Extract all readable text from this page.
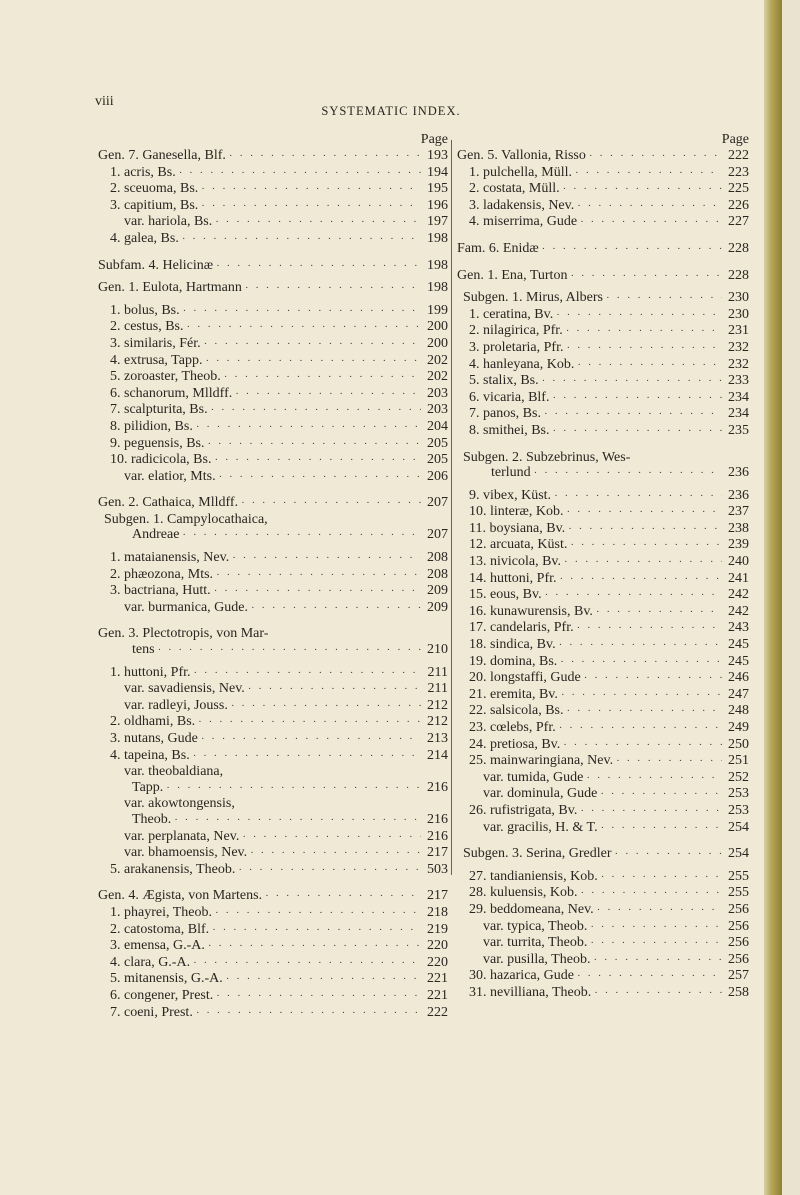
viii
SYSTEMATIC INDEX.
Page
Gen. 7. Ganesella, Blf. · · ·	193
1. acris, Bs. · · ·	194
2. sceuoma, Bs. · · ·	195
3. capitium, Bs. · · ·	196
var. hariola, Bs. · · ·	197
4. galea, Bs. · · ·	198
Subfam. 4. Helicinæ · · ·	198
Gen. 1. Eulota, Hartmann · · ·	198
1. bolus, Bs. · · ·	199
2. cestus, Bs. · · ·	200
3. similaris, Fér. · · ·	200
4. extrusa, Tapp. · · ·	202
5. zoroaster, Theob. · · ·	202
6. schanorum, Mlldff. · · ·	203
7. scalpturita, Bs. · · ·	203
8. pilidion, Bs. · · ·	204
9. peguensis, Bs. · · ·	205
10. radicicola, Bs. · · ·	205
var. elatior, Mts. · · ·	206
Gen. 2. Cathaica, Mlldff. · · ·	207
Subgen. 1. Campylocathaica,
Andreae · · ·	207
1. mataianensis, Nev. · · ·	208
2. phæozona, Mts. · · ·	208
3. bactriana, Hutt. · · ·	209
var. burmanica, Gude. · · ·	209
Gen. 3. Plectotropis, von Mar-
tens · · ·	210
1. huttoni, Pfr. · · ·	211
var. savadiensis, Nev. · · ·	211
var. radleyi, Jouss. · · ·	212
2. oldhami, Bs. · · ·	212
3. nutans, Gude · · ·	213
4. tapeina, Bs. · · ·	214
var. theobaldiana,
Tapp. · · ·	216
var. akowtongensis,
Theob. · · ·	216
var. perplanata, Nev. · · ·	216
var. bhamoensis, Nev. · · ·	217
5. arakanensis, Theob. · · ·	503
Gen. 4. Ægista, von Martens. · · ·	217
1. phayrei, Theob. · · ·	218
2. catostoma, Blf. · · ·	219
3. emensa, G.-A. · · ·	220
4. clara, G.-A. · · ·	220
5. mitanensis, G.-A. · · ·	221
6. congener, Prest. · · ·	221
7. coeni, Prest. · · ·	222
Page
Gen. 5. Vallonia, Risso · · ·	222
1. pulchella, Müll. · · ·	223
2. costata, Müll. · · ·	225
3. ladakensis, Nev. · · ·	226
4. miserrima, Gude · · ·	227
Fam. 6. Enidæ · · ·	228
Gen. 1. Ena, Turton · · ·	228
Subgen. 1. Mirus, Albers · · ·	230
1. ceratina, Bv. · · ·	230
2. nilagirica, Pfr. · · ·	231
3. proletaria, Pfr. · · ·	232
4. hanleyana, Kob. · · ·	232
5. stalix, Bs. · · ·	233
6. vicaria, Blf. · · ·	234
7. panos, Bs. · · ·	234
8. smithei, Bs. · · ·	235
Subgen. 2. Subzebrinus, Wes-
terlund · · ·	236
9. vibex, Küst. · · ·	236
10. linteræ, Kob. · · ·	237
11. boysiana, Bv. · · ·	238
12. arcuata, Küst. · · ·	239
13. nivicola, Bv. · · ·	240
14. huttoni, Pfr. · · ·	241
15. eous, Bv. · · ·	242
16. kunawurensis, Bv. · · ·	242
17. candelaris, Pfr. · · ·	243
18. sindica, Bv. · · ·	245
19. domina, Bs. · · ·	245
20. longstaffi, Gude · · ·	246
21. eremita, Bv. · · ·	247
22. salsicola, Bs. · · ·	248
23. cœlebs, Pfr. · · ·	249
24. pretiosa, Bv. · · ·	250
25. mainwaringiana, Nev. · · ·	251
var. tumida, Gude · · ·	252
var. dominula, Gude · · ·	253
26. rufistrigata, Bv. · · ·	253
var. gracilis, H. & T. · · ·	254
Subgen. 3. Serina, Gredler · · ·	254
27. tandianiensis, Kob. · · ·	255
28. kuluensis, Kob. · · ·	255
29. beddomeana, Nev. · · ·	256
var. typica, Theob. · · ·	256
var. turrita, Theob. · · ·	256
var. pusilla, Theob. · · ·	256
30. hazarica, Gude · · ·	257
31. nevilliana, Theob. · · ·	258
